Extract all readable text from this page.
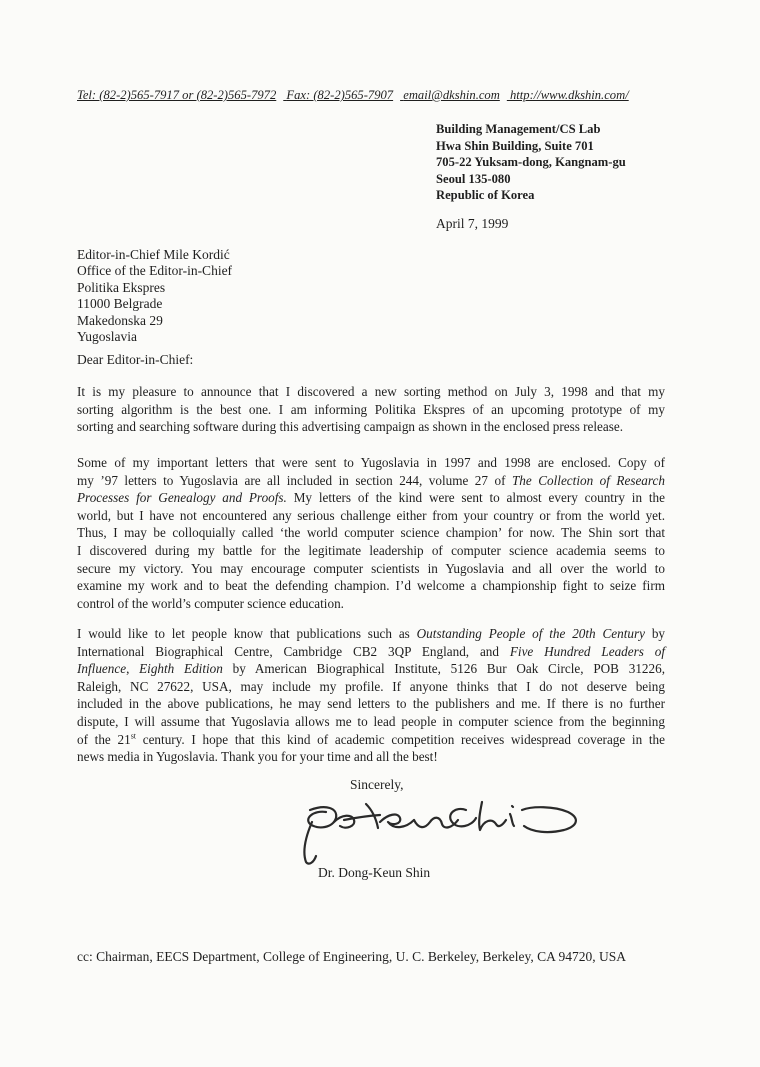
Tel: (82-2)565-7917 or (82-2)565-7972 Fax: (82-2)565-7907 email@dkshin.com http://www.dkshin.com/
Building Management/CS Lab
Hwa Shin Building, Suite 701
705-22 Yuksam-dong, Kangnam-gu
Seoul 135-080
Republic of Korea
April 7, 1999
Editor-in-Chief Mile Kordić
Office of the Editor-in-Chief
Politika Ekspres
11000 Belgrade
Makedonska 29
Yugoslavia
Dear Editor-in-Chief:
It is my pleasure to announce that I discovered a new sorting method on July 3, 1998 and that my
sorting algorithm is the best one. I am informing Politika Ekspres of an upcoming prototype of my
sorting and searching software during this advertising campaign as shown in the enclosed press release.
Some of my important letters that were sent to Yugoslavia in 1997 and 1998 are enclosed. Copy of
my ’97 letters to Yugoslavia are all included in section 244, volume 27 of The Collection of Research
Processes for Genealogy and Proofs. My letters of the kind were sent to almost every country in the
world, but I have not encountered any serious challenge either from your country or from the world yet.
Thus, I may be colloquially called ‘the world computer science champion’ for now. The Shin sort that
I discovered during my battle for the legitimate leadership of computer science academia seems to
secure my victory. You may encourage computer scientists in Yugoslavia and all over the world to
examine my work and to beat the defending champion. I’d welcome a championship fight to seize firm
control of the world’s computer science education.
I would like to let people know that publications such as Outstanding People of the 20th Century by
International Biographical Centre, Cambridge CB2 3QP England, and Five Hundred Leaders of
Influence, Eighth Edition by American Biographical Institute, 5126 Bur Oak Circle, POB 31226,
Raleigh, NC 27622, USA, may include my profile. If anyone thinks that I do not deserve being
included in the above publications, he may send letters to the publishers and me. If there is no further
dispute, I will assume that Yugoslavia allows me to lead people in computer science from the beginning
of the 21st century. I hope that this kind of academic competition receives widespread coverage in the
news media in Yugoslavia. Thank you for your time and all the best!
Sincerely,
Dr. Dong-Keun Shin
cc: Chairman, EECS Department, College of Engineering, U. C. Berkeley, Berkeley, CA 94720, USA
